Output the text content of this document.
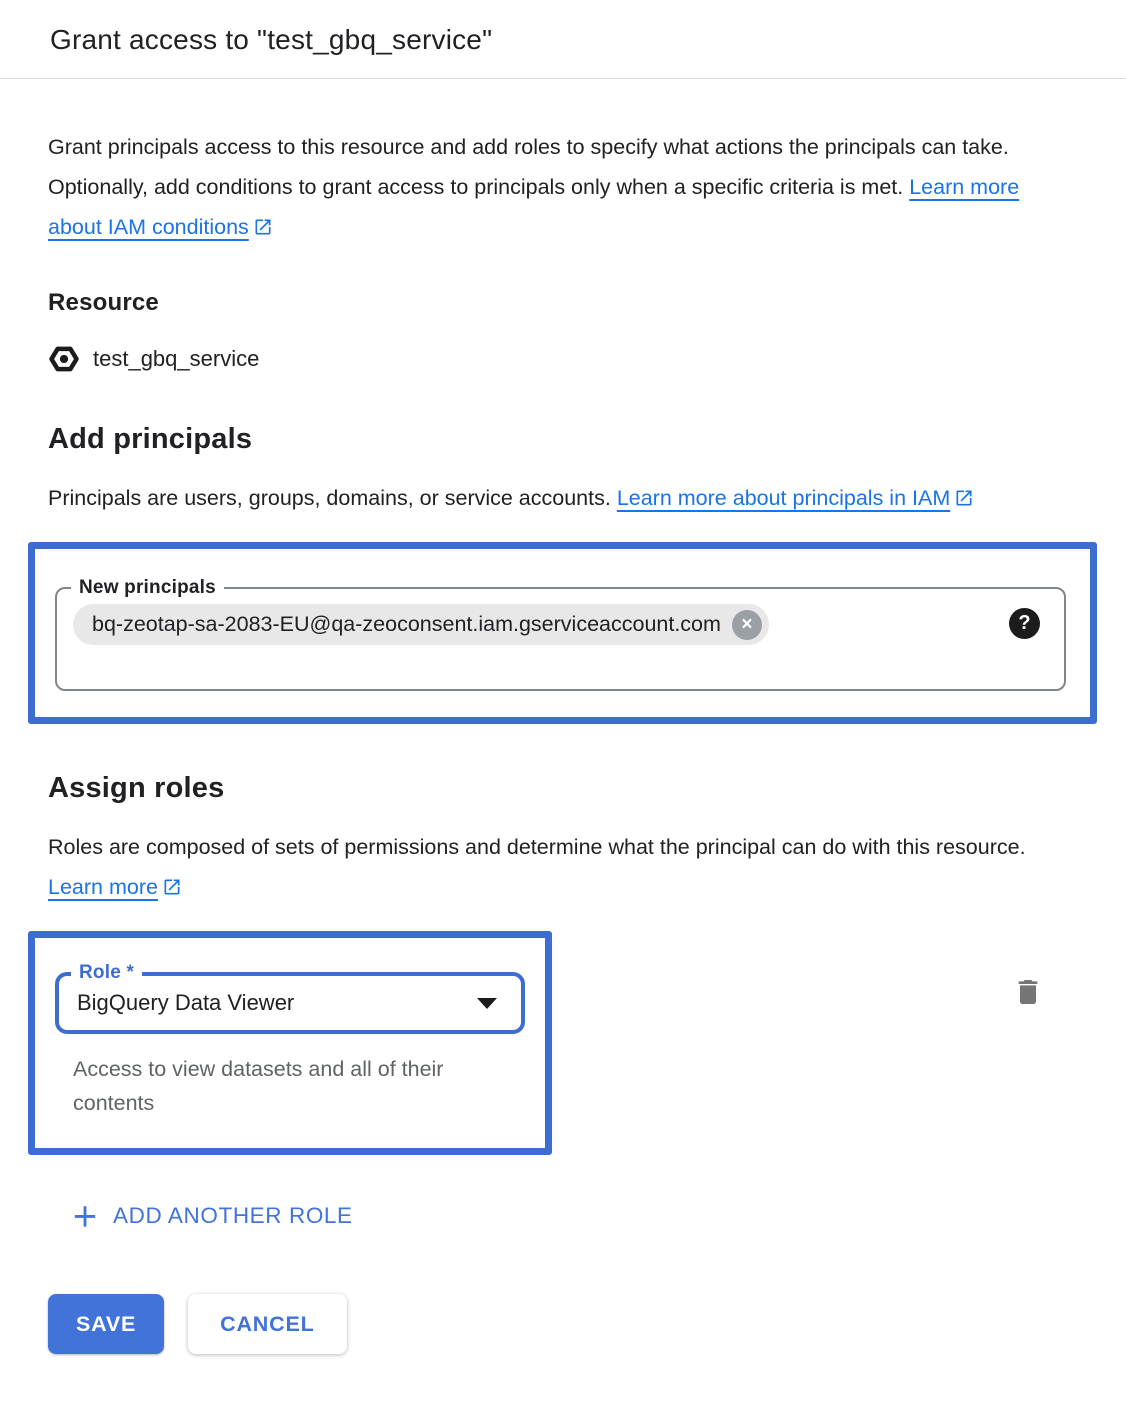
Grant access to "test_gbq_service"

Grant principals access to this resource and add roles to specify what actions the principals can take. Optionally, add conditions to grant access to principals only when a specific criteria is met. Learn more about IAM conditions

Resource
test_gbq_service
Add principals

Principals are users, groups, domains, or service accounts. Learn more about principals in IAM

New principals
bq-zeotap-sa-2083-EU@qa-zeoconsent.iam.gserviceaccount.com	×	?
Assign roles

Roles are composed of sets of permissions and determine what the principal can do with this resource. Learn more

Role *
BigQuery Data Viewer

Access to view datasets and all of their contents

ADD ANOTHER ROLE
SAVE	CANCEL
